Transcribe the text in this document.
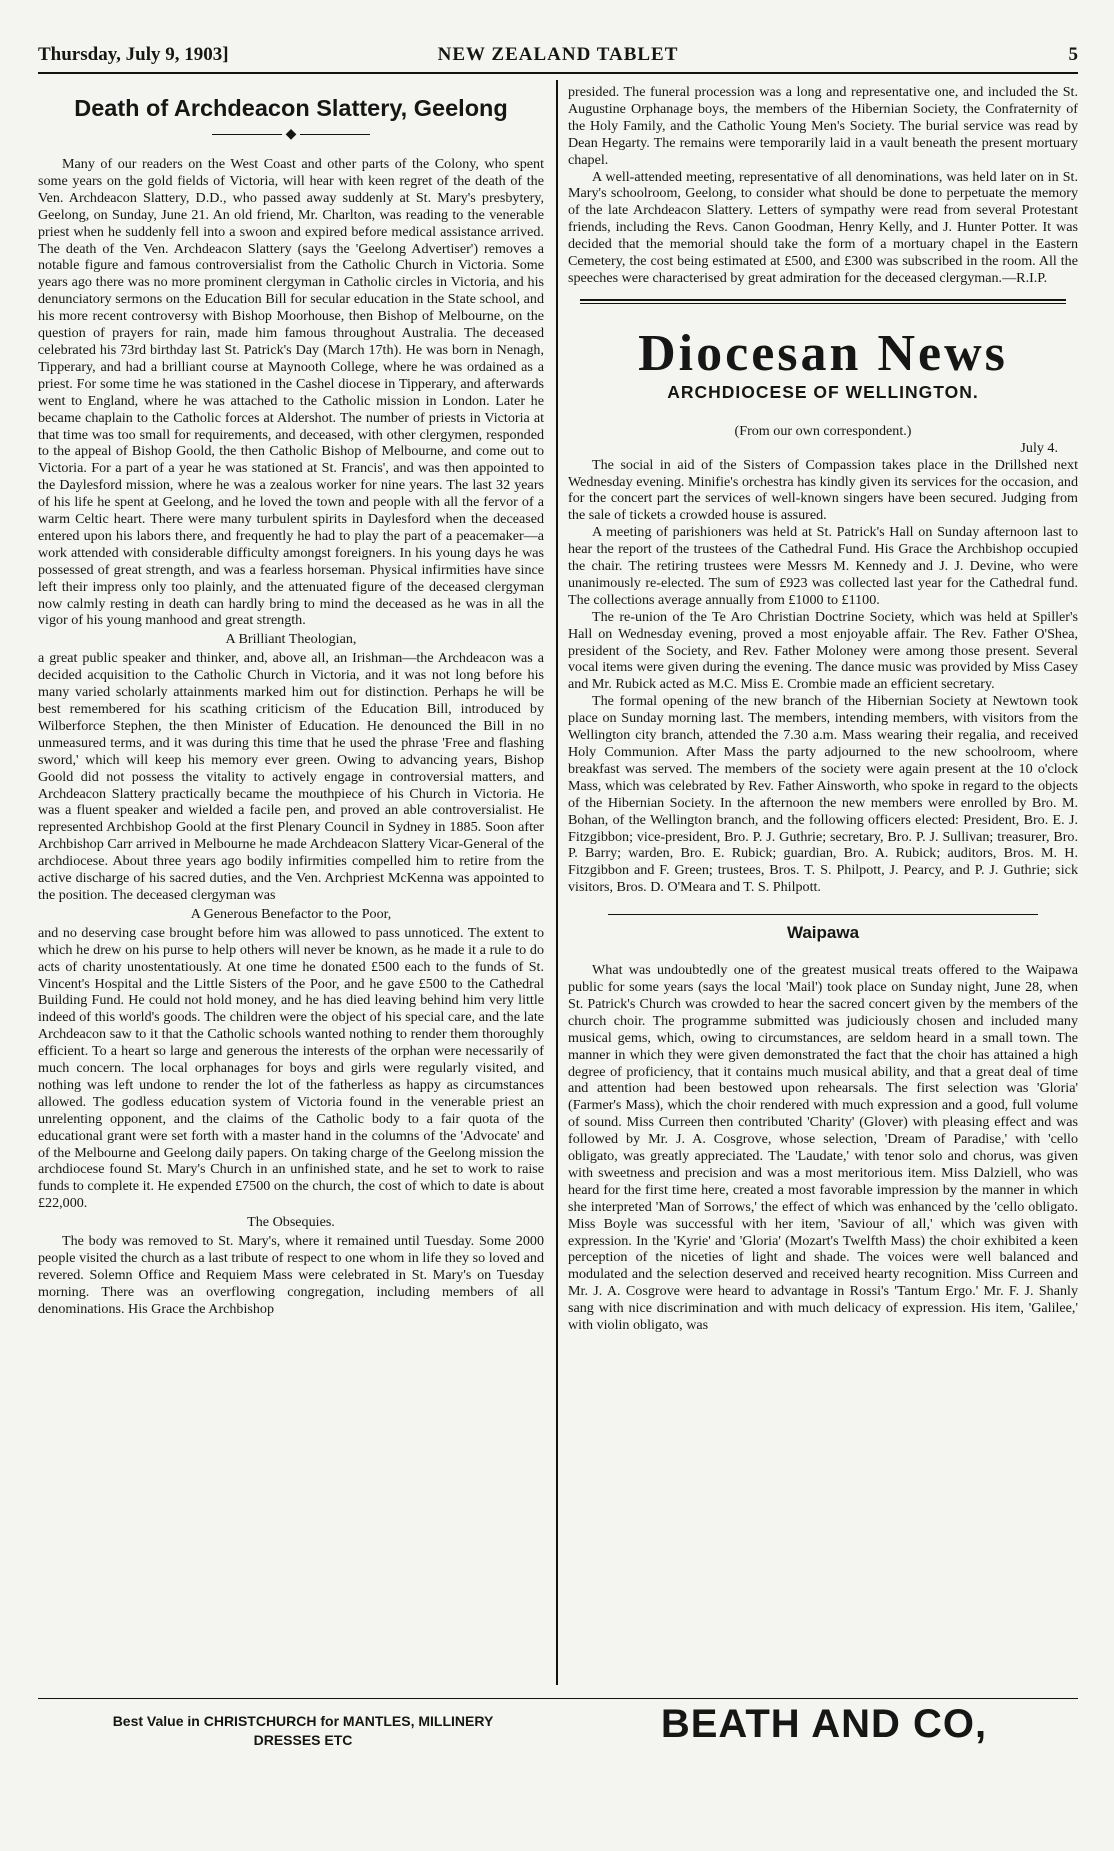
Thursday, July 9, 1903]	NEW ZEALAND TABLET	5
Death of Archdeacon Slattery, Geelong
◆

Many of our readers on the West Coast and other parts of the Colony, who spent some years on the gold fields of Victoria, will hear with keen regret of the death of the Ven. Archdeacon Slattery, D.D., who passed away suddenly at St. Mary's presbytery, Geelong, on Sunday, June 21. An old friend, Mr. Charlton, was reading to the venerable priest when he suddenly fell into a swoon and expired before medical assistance arrived. The death of the Ven. Archdeacon Slattery (says the 'Geelong Advertiser') removes a notable figure and famous controversialist from the Catholic Church in Victoria. Some years ago there was no more prominent clergyman in Catholic circles in Victoria, and his denunciatory sermons on the Education Bill for secular education in the State school, and his more recent controversy with Bishop Moorhouse, then Bishop of Melbourne, on the question of prayers for rain, made him famous throughout Australia. The deceased celebrated his 73rd birthday last St. Patrick's Day (March 17th). He was born in Nenagh, Tipperary, and had a brilliant course at Maynooth College, where he was ordained as a priest. For some time he was stationed in the Cashel diocese in Tipperary, and afterwards went to England, where he was attached to the Catholic mission in London. Later he became chaplain to the Catholic forces at Aldershot. The number of priests in Victoria at that time was too small for requirements, and deceased, with other clergymen, responded to the appeal of Bishop Goold, the then Catholic Bishop of Melbourne, and come out to Victoria. For a part of a year he was stationed at St. Francis', and was then appointed to the Daylesford mission, where he was a zealous worker for nine years. The last 32 years of his life he spent at Geelong, and he loved the town and people with all the fervor of a warm Celtic heart. There were many turbulent spirits in Daylesford when the deceased entered upon his labors there, and frequently he had to play the part of a peacemaker—a work attended with considerable difficulty amongst foreigners. In his young days he was possessed of great strength, and was a fearless horseman. Physical infirmities have since left their impress only too plainly, and the attenuated figure of the deceased clergyman now calmly resting in death can hardly bring to mind the deceased as he was in all the vigor of his young manhood and great strength.

A Brilliant Theologian,

a great public speaker and thinker, and, above all, an Irishman—the Archdeacon was a decided acquisition to the Catholic Church in Victoria, and it was not long before his many varied scholarly attainments marked him out for distinction. Perhaps he will be best remembered for his scathing criticism of the Education Bill, introduced by Wilberforce Stephen, the then Minister of Education. He denounced the Bill in no unmeasured terms, and it was during this time that he used the phrase 'Free and flashing sword,' which will keep his memory ever green. Owing to advancing years, Bishop Goold did not possess the vitality to actively engage in controversial matters, and Archdeacon Slattery practically became the mouthpiece of his Church in Victoria. He was a fluent speaker and wielded a facile pen, and proved an able controversialist. He represented Archbishop Goold at the first Plenary Council in Sydney in 1885. Soon after Archbishop Carr arrived in Melbourne he made Archdeacon Slattery Vicar-General of the archdiocese. About three years ago bodily infirmities compelled him to retire from the active discharge of his sacred duties, and the Ven. Archpriest McKenna was appointed to the position. The deceased clergyman was

A Generous Benefactor to the Poor,

and no deserving case brought before him was allowed to pass unnoticed. The extent to which he drew on his purse to help others will never be known, as he made it a rule to do acts of charity unostentatiously. At one time he donated £500 each to the funds of St. Vincent's Hospital and the Little Sisters of the Poor, and he gave £500 to the Cathedral Building Fund. He could not hold money, and he has died leaving behind him very little indeed of this world's goods. The children were the object of his special care, and the late Archdeacon saw to it that the Catholic schools wanted nothing to render them thoroughly efficient. To a heart so large and generous the interests of the orphan were necessarily of much concern. The local orphanages for boys and girls were regularly visited, and nothing was left undone to render the lot of the fatherless as happy as circumstances allowed. The godless education system of Victoria found in the venerable priest an unrelenting opponent, and the claims of the Catholic body to a fair quota of the educational grant were set forth with a master hand in the columns of the 'Advocate' and of the Melbourne and Geelong daily papers. On taking charge of the Geelong mission the archdiocese found St. Mary's Church in an unfinished state, and he set to work to raise funds to complete it. He expended £7500 on the church, the cost of which to date is about £22,000.

The Obsequies.

The body was removed to St. Mary's, where it remained until Tuesday. Some 2000 people visited the church as a last tribute of respect to one whom in life they so loved and revered. Solemn Office and Requiem Mass were celebrated in St. Mary's on Tuesday morning. There was an overflowing congregation, including members of all denominations. His Grace the Archbishop

presided. The funeral procession was a long and representative one, and included the St. Augustine Orphanage boys, the members of the Hibernian Society, the Confraternity of the Holy Family, and the Catholic Young Men's Society. The burial service was read by Dean Hegarty. The remains were temporarily laid in a vault beneath the present mortuary chapel.

A well-attended meeting, representative of all denominations, was held later on in St. Mary's schoolroom, Geelong, to consider what should be done to perpetuate the memory of the late Archdeacon Slattery. Letters of sympathy were read from several Protestant friends, including the Revs. Canon Goodman, Henry Kelly, and J. Hunter Potter. It was decided that the memorial should take the form of a mortuary chapel in the Eastern Cemetery, the cost being estimated at £500, and £300 was subscribed in the room. All the speeches were characterised by great admiration for the deceased clergyman.—R.I.P.

Diocesan News
ARCHDIOCESE OF WELLINGTON.
(From our own correspondent.)
July 4.

The social in aid of the Sisters of Compassion takes place in the Drillshed next Wednesday evening. Minifie's orchestra has kindly given its services for the occasion, and for the concert part the services of well-known singers have been secured. Judging from the sale of tickets a crowded house is assured.

A meeting of parishioners was held at St. Patrick's Hall on Sunday afternoon last to hear the report of the trustees of the Cathedral Fund. His Grace the Archbishop occupied the chair. The retiring trustees were Messrs M. Kennedy and J. J. Devine, who were unanimously re-elected. The sum of £923 was collected last year for the Cathedral fund. The collections average annually from £1000 to £1100.

The re-union of the Te Aro Christian Doctrine Society, which was held at Spiller's Hall on Wednesday evening, proved a most enjoyable affair. The Rev. Father O'Shea, president of the Society, and Rev. Father Moloney were among those present. Several vocal items were given during the evening. The dance music was provided by Miss Casey and Mr. Rubick acted as M.C. Miss E. Crombie made an efficient secretary.

The formal opening of the new branch of the Hibernian Society at Newtown took place on Sunday morning last. The members, intending members, with visitors from the Wellington city branch, attended the 7.30 a.m. Mass wearing their regalia, and received Holy Communion. After Mass the party adjourned to the new schoolroom, where breakfast was served. The members of the society were again present at the 10 o'clock Mass, which was celebrated by Rev. Father Ainsworth, who spoke in regard to the objects of the Hibernian Society. In the afternoon the new members were enrolled by Bro. M. Bohan, of the Wellington branch, and the following officers elected: President, Bro. E. J. Fitzgibbon; vice-president, Bro. P. J. Guthrie; secretary, Bro. P. J. Sullivan; treasurer, Bro. P. Barry; warden, Bro. E. Rubick; guardian, Bro. A. Rubick; auditors, Bros. M. H. Fitzgibbon and F. Green; trustees, Bros. T. S. Philpott, J. Pearcy, and P. J. Guthrie; sick visitors, Bros. D. O'Meara and T. S. Philpott.

Waipawa

What was undoubtedly one of the greatest musical treats offered to the Waipawa public for some years (says the local 'Mail') took place on Sunday night, June 28, when St. Patrick's Church was crowded to hear the sacred concert given by the members of the church choir. The programme submitted was judiciously chosen and included many musical gems, which, owing to circumstances, are seldom heard in a small town. The manner in which they were given demonstrated the fact that the choir has attained a high degree of proficiency, that it contains much musical ability, and that a great deal of time and attention had been bestowed upon rehearsals. The first selection was 'Gloria' (Farmer's Mass), which the choir rendered with much expression and a good, full volume of sound. Miss Curreen then contributed 'Charity' (Glover) with pleasing effect and was followed by Mr. J. A. Cosgrove, whose selection, 'Dream of Paradise,' with 'cello obligato, was greatly appreciated. The 'Laudate,' with tenor solo and chorus, was given with sweetness and precision and was a most meritorious item. Miss Dalziell, who was heard for the first time here, created a most favorable impression by the manner in which she interpreted 'Man of Sorrows,' the effect of which was enhanced by the 'cello obligato. Miss Boyle was successful with her item, 'Saviour of all,' which was given with expression. In the 'Kyrie' and 'Gloria' (Mozart's Twelfth Mass) the choir exhibited a keen perception of the niceties of light and shade. The voices were well balanced and modulated and the selection deserved and received hearty recognition. Miss Curreen and Mr. J. A. Cosgrove were heard to advantage in Rossi's 'Tantum Ergo.' Mr. F. J. Shanly sang with nice discrimination and with much delicacy of expression. His item, 'Galilee,' with violin obligato, was

Best Value in CHRISTCHURCH for MANTLES, MILLINERY
DRESSES ETC	BEATH AND CO,
